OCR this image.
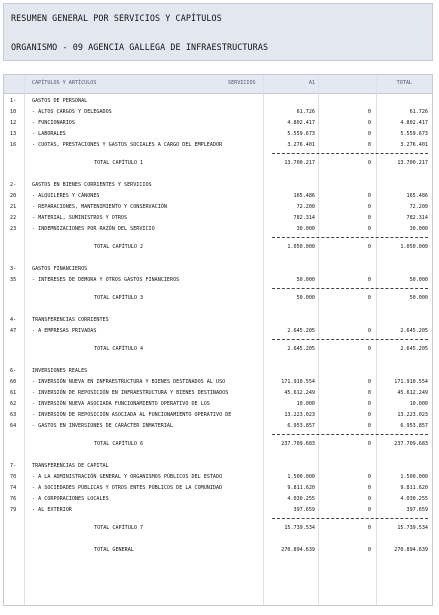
RESUMEN GENERAL POR SERVICIOS Y CAPÍTULOS
ORGANISMO - 09 AGENCIA GALLEGA DE INFRAESTRUCTURAS
CAPÍTULOS Y ARTÍCULOS	SERVICIOS	A1	TOTAL
1-	GASTOS DE PERSONAL
10	- ALTOS CARGOS Y DELEGADOS	61.726	0	61.726
12	- FUNCIONARIOS	4.802.417	0	4.802.417
13	- LABORALES	5.559.673	0	5.559.673
16	- CUOTAS, PRESTACIONES Y GASTOS SOCIALES A CARGO DEL EMPLEADOR	3.276.401	0	3.276.401
TOTAL CAPÍTULO 1	13.700.217	0	13.700.217
2-	GASTOS EN BIENES CORRIENTES Y SERVICIOS
20	- ALQUILERES Y CÁNONES	165.486	0	165.486
21	- REPARACIONES, MANTENIMIENTO Y CONSERVACIÓN	72.200	0	72.200
22	- MATERIAL, SUMINISTROS Y OTROS	782.314	0	782.314
23	- INDEMNIZACIONES POR RAZÓN DEL SERVICIO	30.000	0	30.000
TOTAL CAPÍTULO 2	1.050.000	0	1.050.000
3-	GASTOS FINANCIEROS
35	- INTERESES DE DEMORA Y OTROS GASTOS FINANCIEROS	50.000	0	50.000
TOTAL CAPÍTULO 3	50.000	0	50.000
4-	TRANSFERENCIAS CORRIENTES
47	- A EMPRESAS PRIVADAS	2.645.205	0	2.645.205
TOTAL CAPÍTULO 4	2.645.205	0	2.645.205
6-	INVERSIONES REALES
60	- INVERSIÓN NUEVA EN INFRAESTRUCTURA Y BIENES DESTINADOS AL USO	171.910.554	0	171.910.554
61	- INVERSIÓN DE REPOSICIÓN EN INFRAESTRUCTURA Y BIENES DESTINADOS	45.612.249	0	45.612.249
62	- INVERSIÓN NUEVA ASOCIADA FUNCIONAMIENTO OPERATIVO DE LOS	10.000	0	10.000
63	- INVERSIÓN DE REPOSICIÓN ASOCIADA AL FUNCIONAMIENTO OPERATIVO DE	13.223.023	0	13.223.023
64	- GASTOS EN INVERSIONES DE CARÁCTER INMATERIAL	6.953.857	0	6.953.857
TOTAL CAPÍTULO 6	237.709.683	0	237.709.683
7-	TRANSFERENCIAS DE CAPITAL
70	- A LA ADMINISTRACIÓN GENERAL Y ORGANISMOS PÚBLICOS DEL ESTADO	1.500.000	0	1.500.000
74	- A SOCIEDADES PÚBLICAS Y OTROS ENTES PÚBLICOS DE LA COMUNIDAD	9.811.620	0	9.811.620
76	- A CORPORACIONES LOCALES	4.030.255	0	4.030.255
79	- AL EXTERIOR	397.659	0	397.659
TOTAL CAPÍTULO 7	15.739.534	0	15.739.534
TOTAL GENERAL	270.894.639	0	270.894.639
